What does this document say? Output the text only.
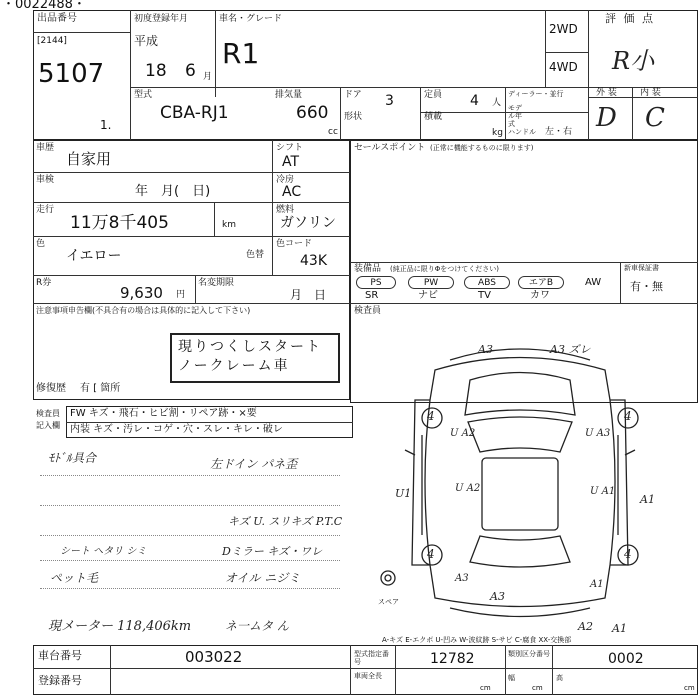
・0022488・
出品番号
[2144]
5107
初度登録年月
平成
18 6 月
車名・グレード
R1
2WD
4WD
評 価 点
R小
外 装	内 装
D C
型式
CBA-RJ1
1.
排気量
660
cc
ドア 3
形状
定員 4 人
積載
kg
ディーラー・並行
モデル年式
ハンドル 左・右
車歴
自家用
シフト
AT
車検
年　月(　日)
冷房
AC
走行
11万8千405	km
燃料
ガソリン
色
イエロー	色替
色コード
43K
R券
9,630 円
名変期限
月　日
注意事項申告欄(不具合有の場合は具体的に記入して下さい)
現りつくしスタート
ノークレーム車
修復歴 有 [ 箇所
セールスポイント (正常に機能するものに限ります)
装備品 (純正品に限りΦをつけてください)
PS	PW	ABS	エアB	AW
SR	ナビ	TV	カワ
新車保証書
有・無
検査員
検査員記入欄
FW キズ・飛石・ヒビ割・リペア跡・×要
内装 キズ・汚レ・コゲ・穴・スレ・キレ・破レ
ﾓﾄﾞﾙ具合	左ドイン パネ歪
キズ U. スリキズ P.T.C
シート ヘタリ シミ	Dミラー キズ・ワレ
ペット毛	オイル ニジミ
現メーター 118,406km	ネ一ムタ ん
A3	A3 ズレ
U A2	U A3
U1	U A2	U A1
A1
A3
A1
A3
A2 A1
4	4
4	4
スペア
A-キズ E-エクボ U-凹み W-波紋跡 S-サビ C-腐食 XX-交換部
車台番号	003022
登録番号
型式指定番号	12782	類別区分番号	0002
車両全長
cm
幅
cm
高
cm
